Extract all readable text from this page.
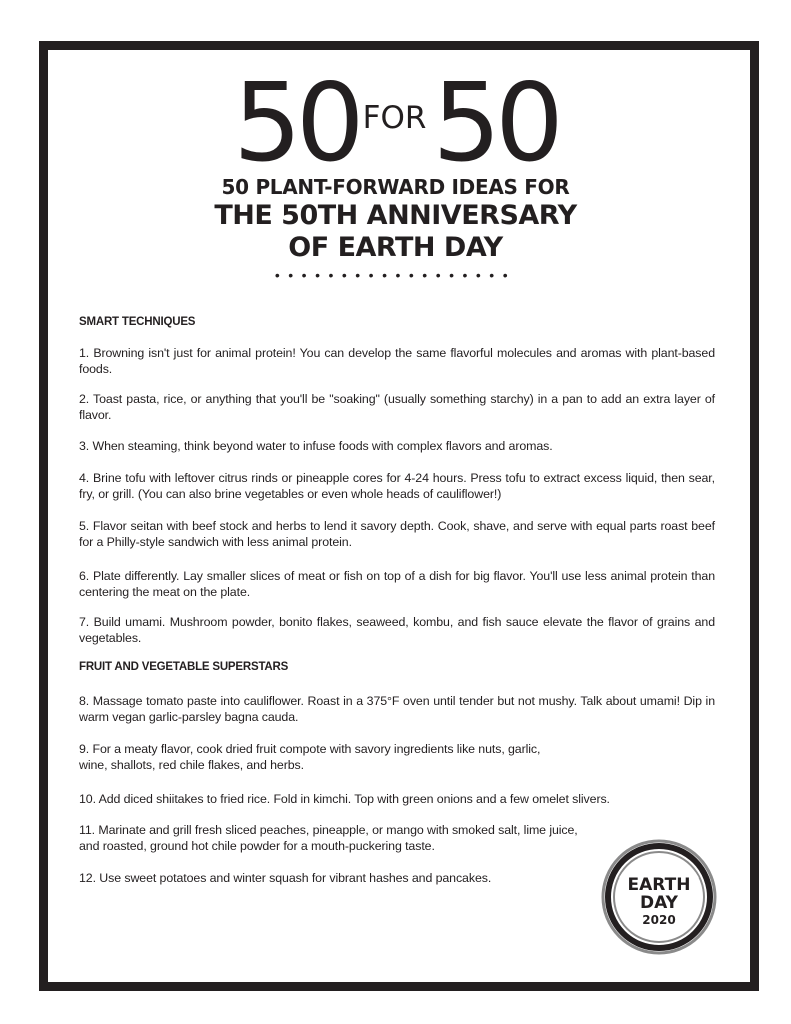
50 FOR50
50 PLANT-FORWARD IDEAS FOR
THE 50TH ANNIVERSARY
OF EARTH DAY
••••••••••••••••••
SMART TECHNIQUES
1. Browning isn't just for animal protein! You can develop the same flavorful molecules and aromas with plant-based foods.
2. Toast pasta, rice, or anything that you'll be "soaking" (usually something starchy) in a pan to add an extra layer of flavor.
3. When steaming, think beyond water to infuse foods with complex flavors and aromas.
4. Brine tofu with leftover citrus rinds or pineapple cores for 4-24 hours. Press tofu to extract excess liquid, then sear, fry, or grill. (You can also brine vegetables or even whole heads of cauliflower!)
5. Flavor seitan with beef stock and herbs to lend it savory depth. Cook, shave, and serve with equal parts roast beef for a Philly-style sandwich with less animal protein.
6. Plate differently. Lay smaller slices of meat or fish on top of a dish for big flavor. You'll use less animal protein than centering the meat on the plate.
7. Build umami. Mushroom powder, bonito flakes, seaweed, kombu, and fish sauce elevate the flavor of grains and vegetables.
FRUIT AND VEGETABLE SUPERSTARS
8. Massage tomato paste into cauliflower. Roast in a 375°F oven until tender but not mushy. Talk about umami! Dip in warm vegan garlic-parsley bagna cauda.
9. For a meaty flavor, cook dried fruit compote with savory ingredients like nuts, garlic,
wine, shallots, red chile flakes, and herbs.
10. Add diced shiitakes to fried rice. Fold in kimchi. Top with green onions and a few omelet slivers.
11. Marinate and grill fresh sliced peaches, pineapple, or mango with smoked salt, lime juice,
and roasted, ground hot chile powder for a mouth-puckering taste.
12. Use sweet potatoes and winter squash for vibrant hashes and pancakes.	EARTH
DAY
2020
